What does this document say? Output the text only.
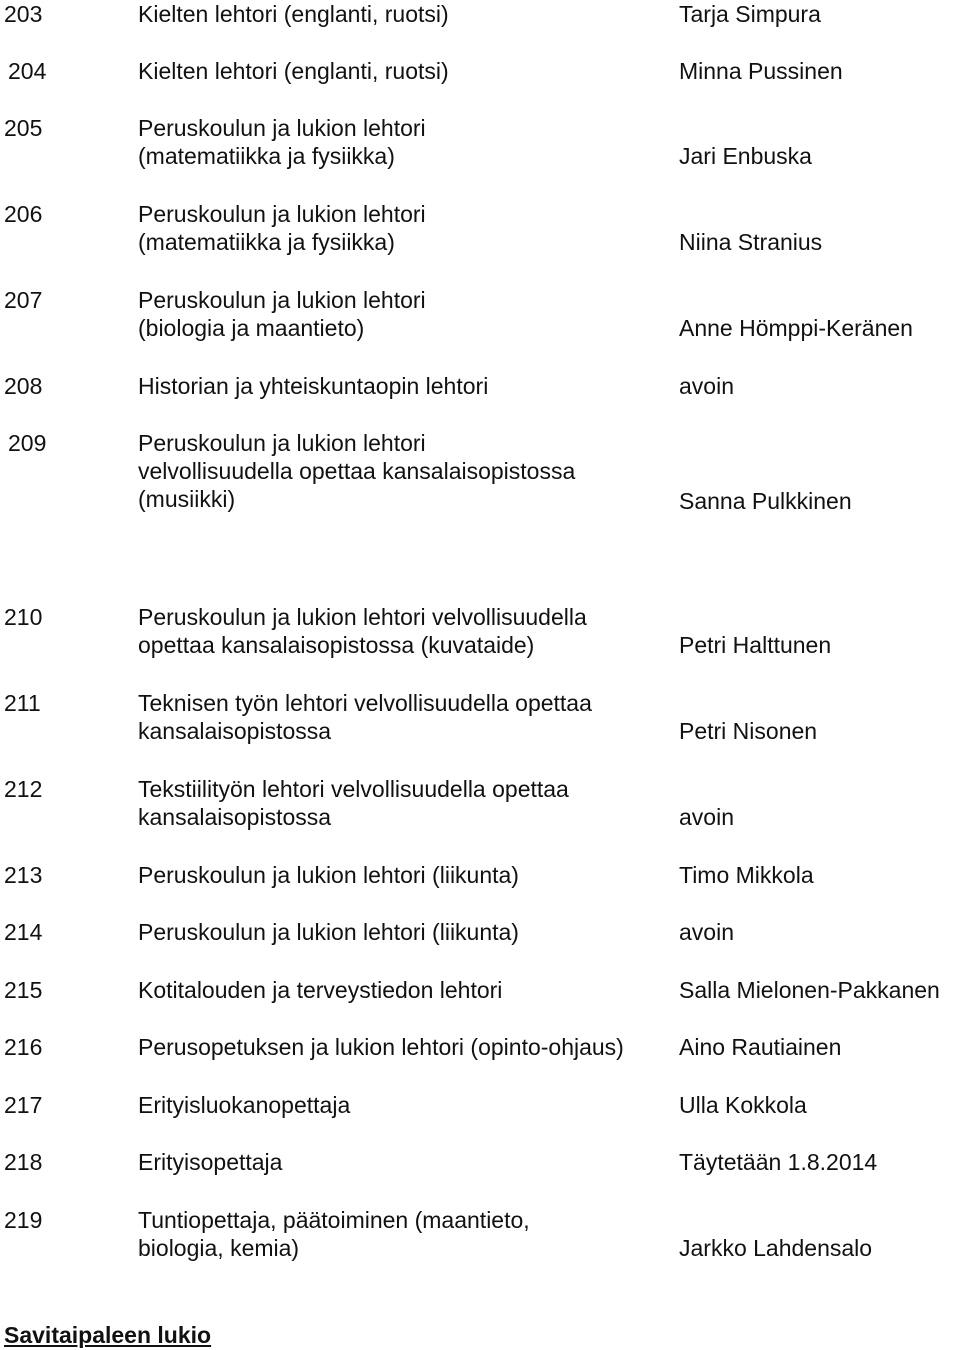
203	Kielten lehtori (englanti, ruotsi)	Tarja Simpura
204	Kielten lehtori (englanti, ruotsi)	Minna Pussinen
205	Peruskoulun ja lukion lehtori
(matematiikka ja fysiikka)	Jari Enbuska
206	Peruskoulun ja lukion lehtori
(matematiikka ja fysiikka)	Niina Stranius
207	Peruskoulun ja lukion lehtori
(biologia ja maantieto)	Anne Hömppi-Keränen
208	Historian ja yhteiskuntaopin lehtori	avoin
209	Peruskoulun ja lukion lehtori
velvollisuudella opettaa kansalaisopistossa
(musiikki)	Sanna Pulkkinen
210	Peruskoulun ja lukion lehtori velvollisuudella
opettaa kansalaisopistossa (kuvataide)	Petri Halttunen
211	Teknisen työn lehtori velvollisuudella opettaa
kansalaisopistossa	Petri Nisonen
212	Tekstiilityön lehtori velvollisuudella opettaa
kansalaisopistossa	avoin
213	Peruskoulun ja lukion lehtori (liikunta)	Timo Mikkola
214	Peruskoulun ja lukion lehtori (liikunta)	avoin
215	Kotitalouden ja terveystiedon lehtori	Salla Mielonen-Pakkanen
216	Perusopetuksen ja lukion lehtori (opinto-ohjaus)	Aino Rautiainen
217	Erityisluokanopettaja	Ulla Kokkola
218	Erityisopettaja	Täytetään 1.8.2014
219	Tuntiopettaja, päätoiminen (maantieto,
biologia, kemia)	Jarkko Lahdensalo
Savitaipaleen lukio
